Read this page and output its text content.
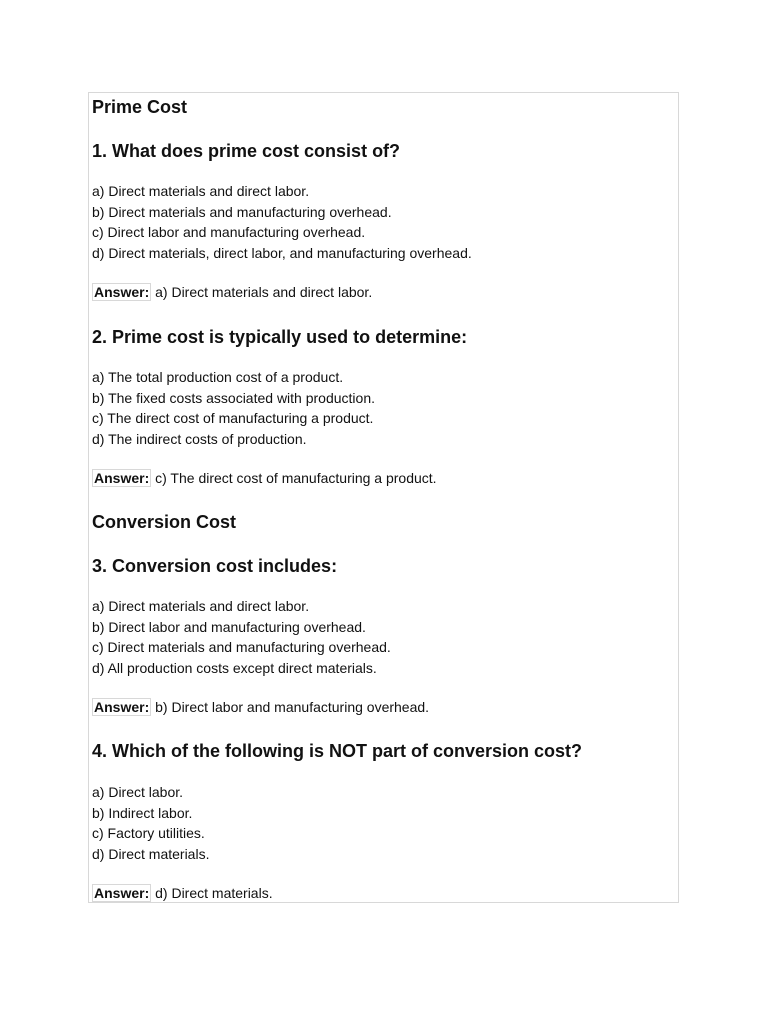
Prime Cost
1. What does prime cost consist of?
a) Direct materials and direct labor.
b) Direct materials and manufacturing overhead.
c) Direct labor and manufacturing overhead.
d) Direct materials, direct labor, and manufacturing overhead.

Answer: a) Direct materials and direct labor.

2. Prime cost is typically used to determine:
a) The total production cost of a product.
b) The fixed costs associated with production.
c) The direct cost of manufacturing a product.
d) The indirect costs of production.

Answer: c) The direct cost of manufacturing a product.

Conversion Cost
3. Conversion cost includes:
a) Direct materials and direct labor.
b) Direct labor and manufacturing overhead.
c) Direct materials and manufacturing overhead.
d) All production costs except direct materials.

Answer: b) Direct labor and manufacturing overhead.

4. Which of the following is NOT part of conversion cost?
a) Direct labor.
b) Indirect labor.
c) Factory utilities.
d) Direct materials.

Answer: d) Direct materials.
